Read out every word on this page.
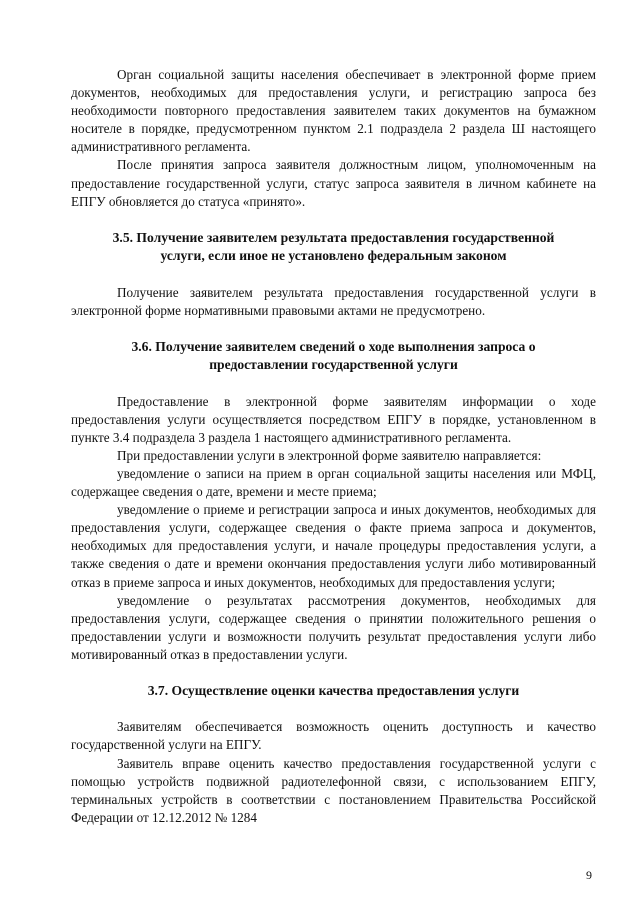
Орган социальной защиты населения обеспечивает в электронной форме прием документов, необходимых для предоставления услуги, и регистрацию запроса без необходимости повторного предоставления заявителем таких документов на бумажном носителе в порядке, предусмотренном пунктом 2.1 подраздела 2 раздела Ш настоящего административного регламента.

После принятия запроса заявителя должностным лицом, уполномоченным на предоставление государственной услуги, статус запроса заявителя в личном кабинете на ЕПГУ обновляется до статуса «принято».

3.5. Получение заявителем результата предоставления государственной услуги, если иное не установлено федеральным законом

Получение заявителем результата предоставления государственной услуги в электронной форме нормативными правовыми актами не предусмотрено.

3.6. Получение заявителем сведений о ходе выполнения запроса о предоставлении государственной услуги

Предоставление в электронной форме заявителям информации о ходе предоставления услуги осуществляется посредством ЕПГУ в порядке, установленном в пункте 3.4 подраздела 3 раздела 1 настоящего административного регламента.

При предоставлении услуги в электронной форме заявителю направляется:

уведомление о записи на прием в орган социальной защиты населения или МФЦ, содержащее сведения о дате, времени и месте приема;

уведомление о приеме и регистрации запроса и иных документов, необходимых для предоставления услуги, содержащее сведения о факте приема запроса и документов, необходимых для предоставления услуги, и начале процедуры предоставления услуги, а также сведения о дате и времени окончания предоставления услуги либо мотивированный отказ в приеме запроса и иных документов, необходимых для предоставления услуги;

уведомление о результатах рассмотрения документов, необходимых для предоставления услуги, содержащее сведения о принятии положительного решения о предоставлении услуги и возможности получить результат предоставления услуги либо мотивированный отказ в предоставлении услуги.

3.7. Осуществление оценки качества предоставления услуги

Заявителям обеспечивается возможность оценить доступность и качество государственной услуги на ЕПГУ.

Заявитель вправе оценить качество предоставления государственной услуги с помощью устройств подвижной радиотелефонной связи, с использованием ЕПГУ, терминальных устройств в соответствии с постановлением Правительства Российской Федерации от 12.12.2012 № 1284

9
